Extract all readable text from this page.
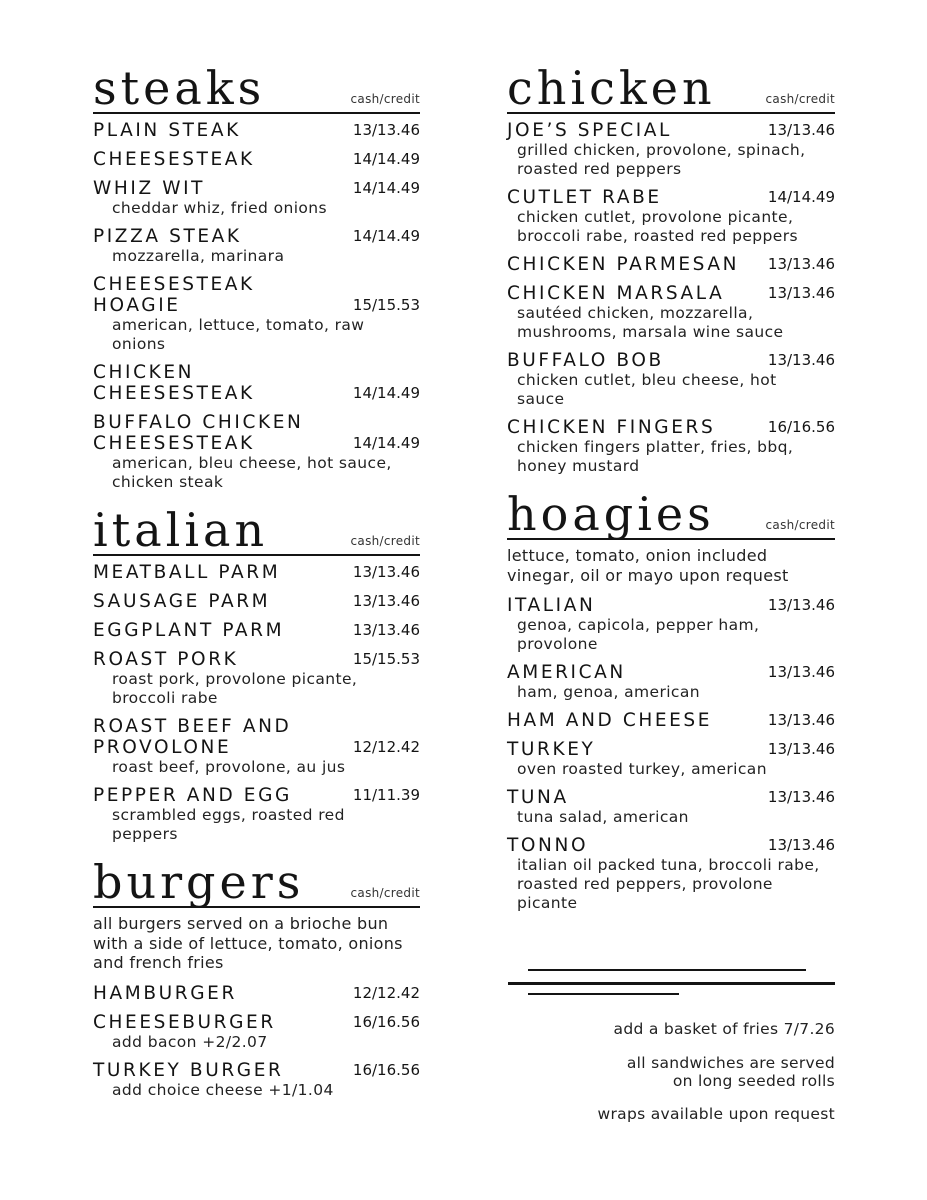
steaks	cash/credit
PLAIN STEAK	13/13.46
CHEESESTEAK	14/14.49
WHIZ WIT	14/14.49
cheddar whiz, fried onions
PIZZA STEAK	14/14.49
mozzarella, marinara
CHEESESTEAK
HOAGIE	15/15.53
american, lettuce, tomato, raw onions
CHICKEN
CHEESESTEAK	14/14.49
BUFFALO CHICKEN
CHEESESTEAK	14/14.49
american, bleu cheese, hot sauce, chicken steak
italian	cash/credit
MEATBALL PARM	13/13.46
SAUSAGE PARM	13/13.46
EGGPLANT PARM	13/13.46
ROAST PORK	15/15.53
roast pork, provolone picante, broccoli rabe
ROAST BEEF AND
PROVOLONE	12/12.42
roast beef, provolone, au jus
PEPPER AND EGG	11/11.39
scrambled eggs, roasted red peppers
burgers	cash/credit
all burgers served on a brioche bun
with a side of lettuce, tomato, onions
and french fries
HAMBURGER	12/12.42
CHEESEBURGER	16/16.56
add bacon +2/2.07
TURKEY BURGER	16/16.56
add choice cheese +1/1.04
chicken	cash/credit
JOE’S SPECIAL	13/13.46
grilled chicken, provolone, spinach, roasted red peppers
CUTLET RABE	14/14.49
chicken cutlet, provolone picante, broccoli rabe, roasted red peppers
CHICKEN PARMESAN 13/13.46
CHICKEN MARSALA	13/13.46
sautéed chicken, mozzarella, mushrooms, marsala wine sauce
BUFFALO BOB	13/13.46
chicken cutlet, bleu cheese, hot sauce
CHICKEN FINGERS	16/16.56
chicken fingers platter, fries, bbq, honey mustard
hoagies	cash/credit
lettuce, tomato, onion included
vinegar, oil or mayo upon request
ITALIAN	13/13.46
genoa, capicola, pepper ham, provolone
AMERICAN	13/13.46
ham, genoa, american
HAM AND CHEESE	13/13.46
TURKEY	13/13.46
oven roasted turkey, american
TUNA	13/13.46
tuna salad, american
TONNO	13/13.46
italian oil packed tuna, broccoli rabe, roasted red peppers, provolone picante
add a basket of fries 7/7.26
all sandwiches are served
on long seeded rolls
wraps available upon request
